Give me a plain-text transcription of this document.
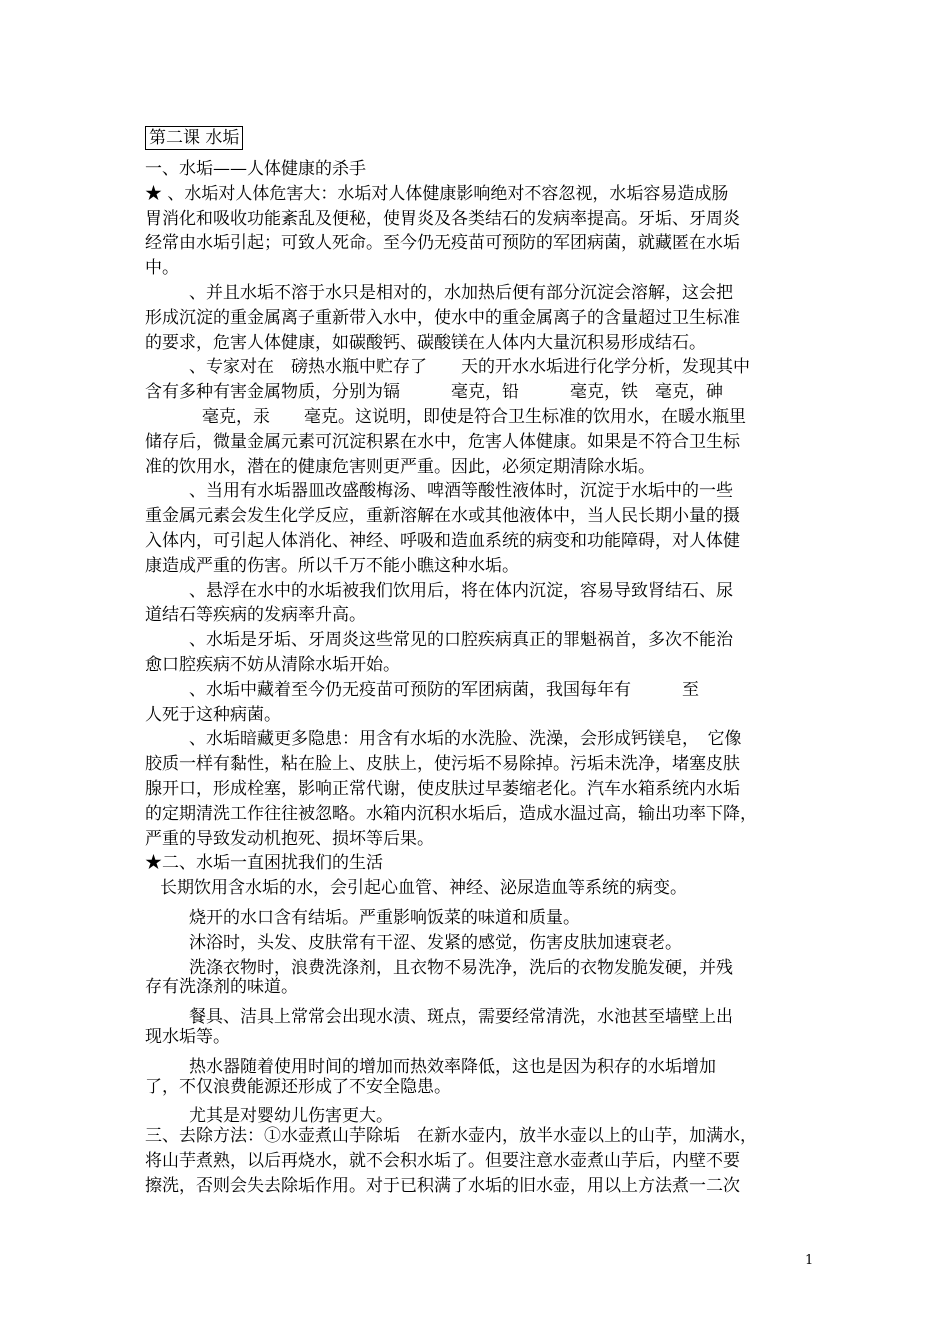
第二课 水垢
一、水垢——人体健康的杀手
★ 、水垢对人体危害大：水垢对人体健康影响绝对不容忽视，水垢容易造成肠
胃消化和吸收功能紊乱及便秘，使胃炎及各类结石的发病率提高。牙垢、牙周炎
经常由水垢引起；可致人死命。至今仍无疫苗可预防的军团病菌，就藏匿在水垢
中。
、并且水垢不溶于水只是相对的，水加热后便有部分沉淀会溶解，这会把
形成沉淀的重金属离子重新带入水中，使水中的重金属离子的含量超过卫生标准
的要求，危害人体健康，如碳酸钙、碳酸镁在人体内大量沉积易形成结石。
、专家对在　磅热水瓶中贮存了　　天的开水水垢进行化学分析，发现其中
含有多种有害金属物质，分别为镉　　　毫克，铅　　　毫克，铁　毫克，砷
毫克，汞　　毫克。这说明，即使是符合卫生标准的饮用水，在暖水瓶里
储存后，微量金属元素可沉淀积累在水中，危害人体健康。如果是不符合卫生标
准的饮用水，潜在的健康危害则更严重。因此，必须定期清除水垢。
、当用有水垢器皿改盛酸梅汤、啤酒等酸性液体时，沉淀于水垢中的一些
重金属元素会发生化学反应，重新溶解在水或其他液体中，当人民长期小量的摄
入体内，可引起人体消化、神经、呼吸和造血系统的病变和功能障碍，对人体健
康造成严重的伤害。所以千万不能小瞧这种水垢。
、悬浮在水中的水垢被我们饮用后，将在体内沉淀，容易导致肾结石、尿
道结石等疾病的发病率升高。
、水垢是牙垢、牙周炎这些常见的口腔疾病真正的罪魁祸首，多次不能治
愈口腔疾病不妨从清除水垢开始。
、水垢中藏着至今仍无疫苗可预防的军团病菌，我国每年有　　　至
人死于这种病菌。
、水垢暗藏更多隐患：用含有水垢的水洗脸、洗澡，会形成钙镁皂，　它像
胶质一样有黏性，粘在脸上、皮肤上，使污垢不易除掉。污垢未洗净，堵塞皮肤
腺开口，形成栓塞，影响正常代谢，使皮肤过早萎缩老化。汽车水箱系统内水垢
的定期清洗工作往往被忽略。水箱内沉积水垢后，造成水温过高，输出功率下降，
严重的导致发动机抱死、损坏等后果。
★二、水垢一直困扰我们的生活
长期饮用含水垢的水，会引起心血管、神经、泌尿造血等系统的病变。
烧开的水口含有结垢。严重影响饭菜的味道和质量。
沐浴时，头发、皮肤常有干涩、发紧的感觉，伤害皮肤加速衰老。
洗涤衣物时，浪费洗涤剂，且衣物不易洗净，洗后的衣物发脆发硬，并残
存有洗涤剂的味道。
餐具、洁具上常常会出现水渍、斑点，需要经常清洗，水池甚至墙壁上出
现水垢等。
热水器随着使用时间的增加而热效率降低，这也是因为积存的水垢增加
了，不仅浪费能源还形成了不安全隐患。
尤其是对婴幼儿伤害更大。
三、去除方法：①水壶煮山芋除垢　在新水壶内，放半水壶以上的山芋，加满水，
将山芋煮熟，以后再烧水，就不会积水垢了。但要注意水壶煮山芋后，内壁不要
擦洗，否则会失去除垢作用。对于已积满了水垢的旧水壶，用以上方法煮一二次
1
